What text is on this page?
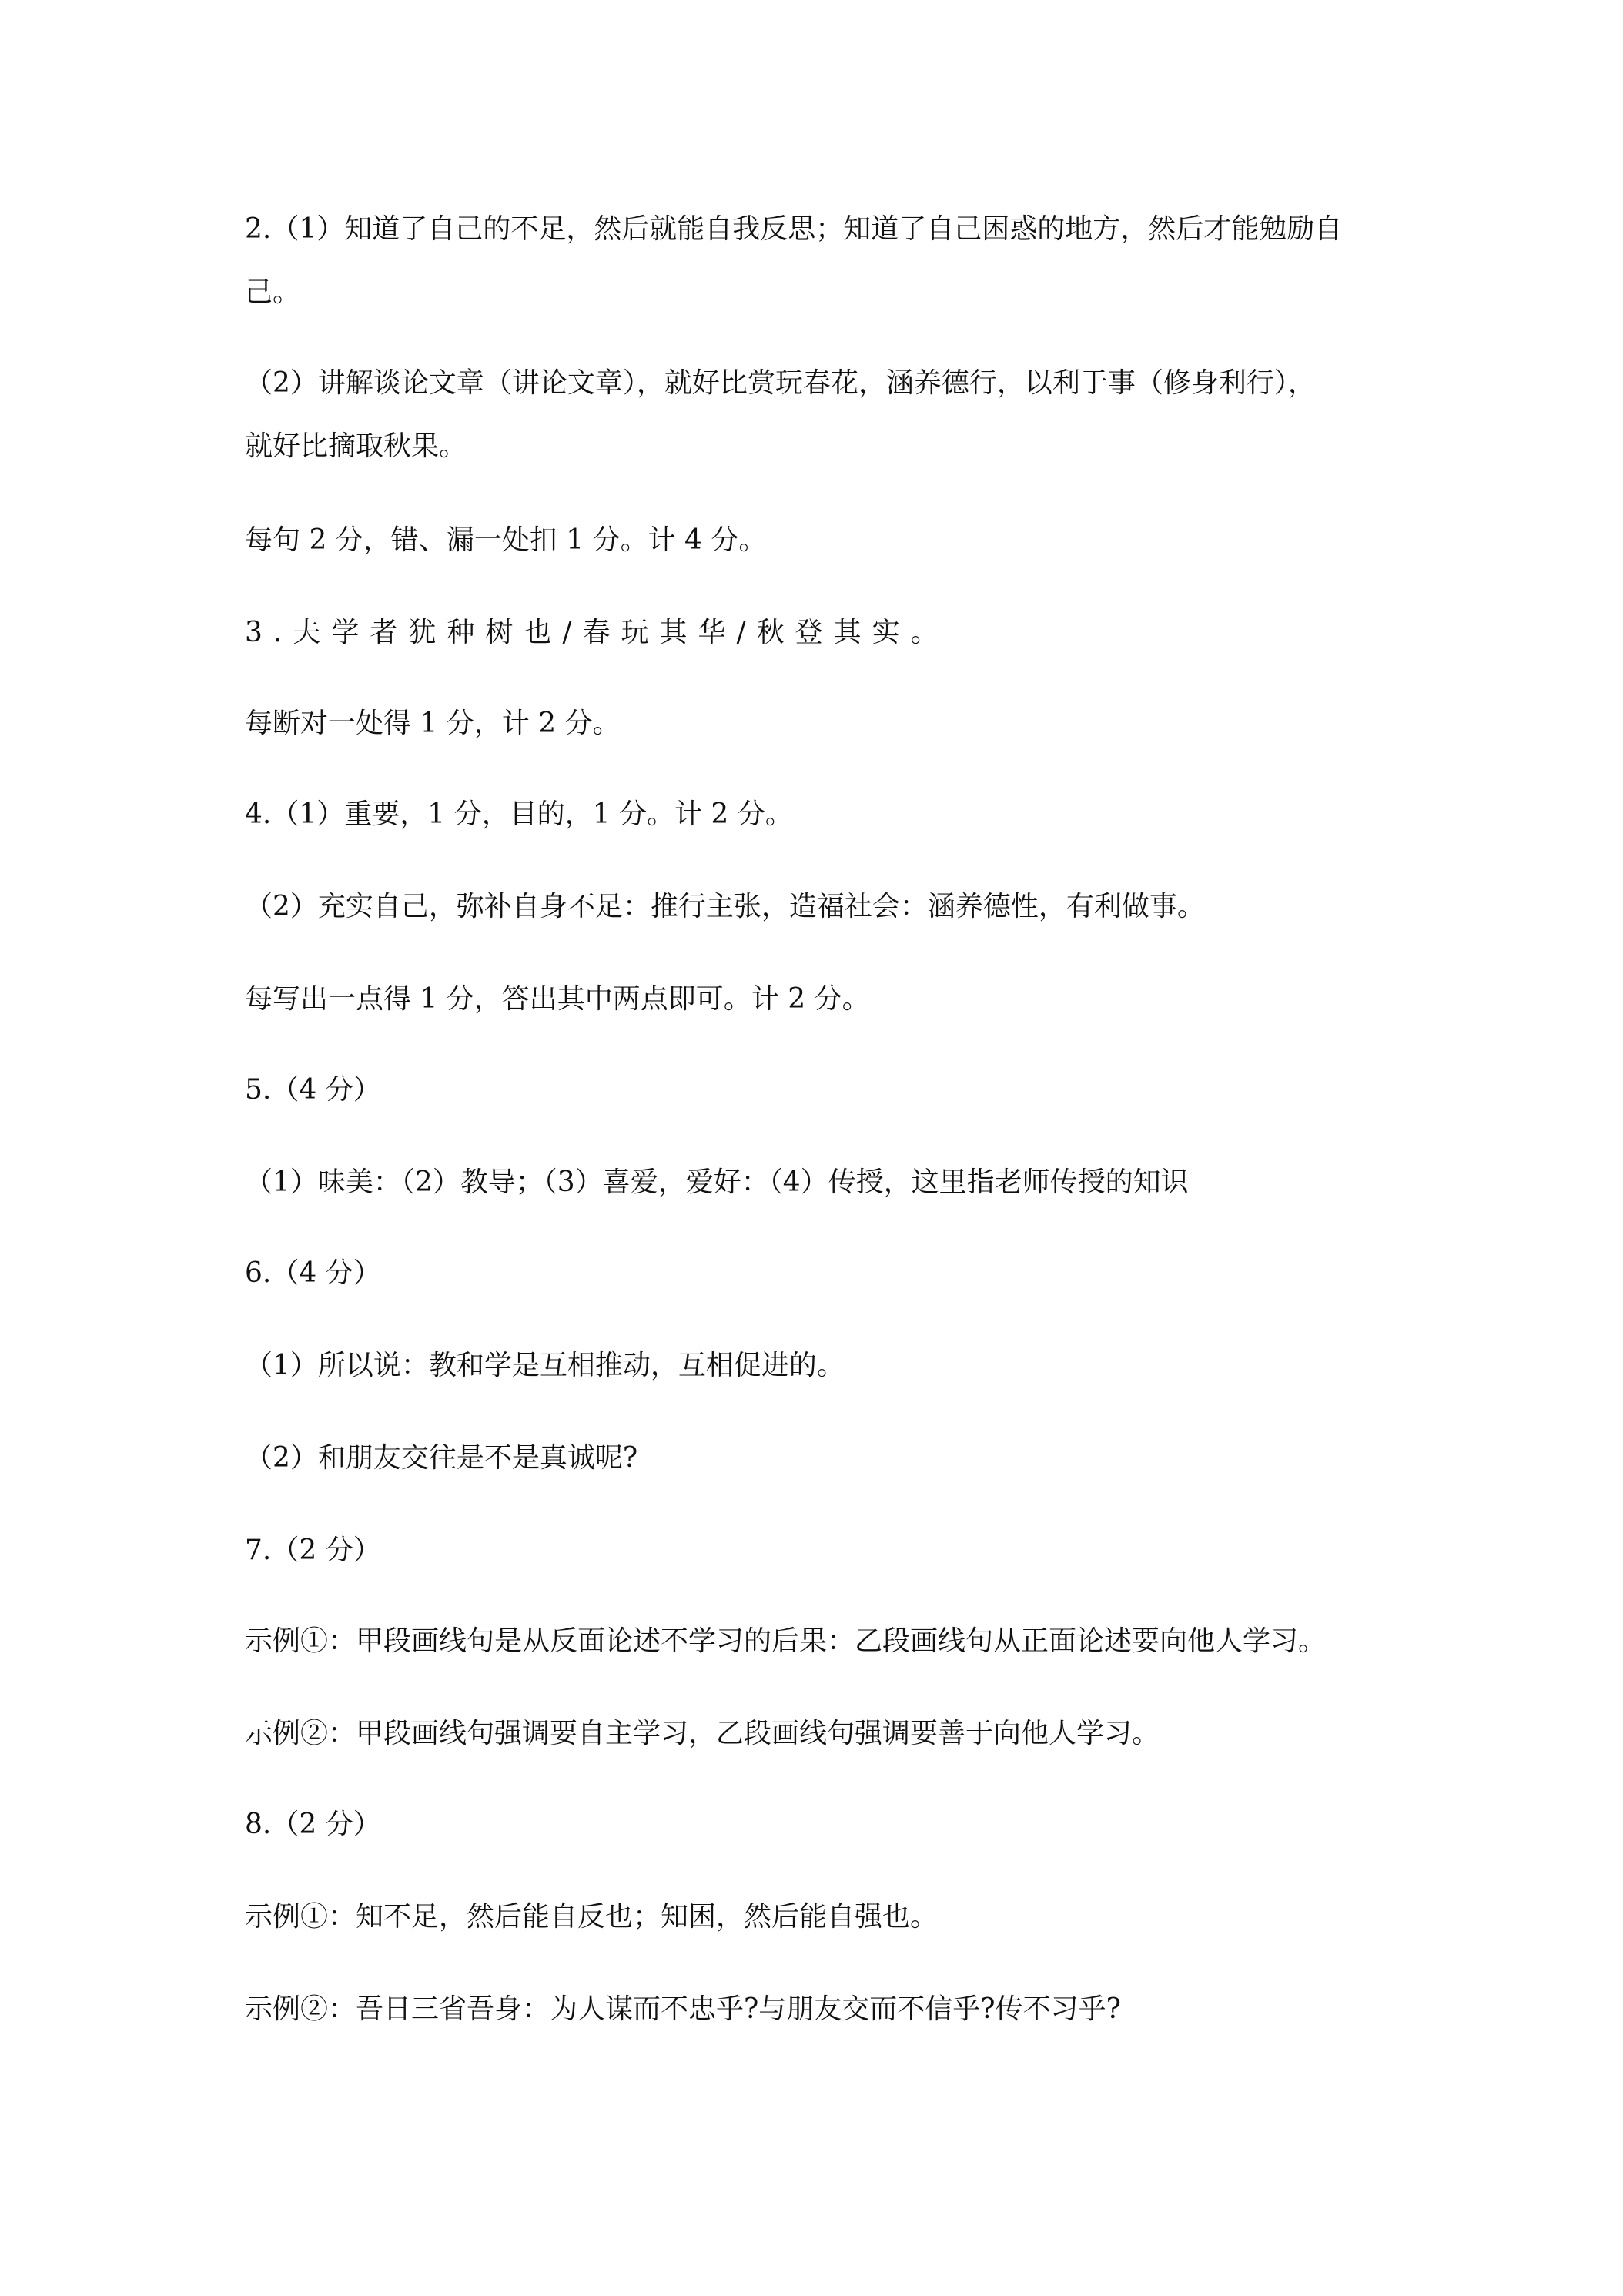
2.（1）知道了自己的不足，然后就能自我反思；知道了自己困惑的地方，然后才能勉励自
己。
（2）讲解谈论文章（讲论文章），就好比赏玩春花，涵养德行，以利于事（修身利行），
就好比摘取秋果。
每句 2 分，错、漏一处扣 1 分。计 4 分。
3.夫学者犹种树也/春玩其华/秋登其实。
每断对一处得 1 分，计 2 分。
4.（1）重要，1 分，目的，1 分。计 2 分。
（2）充实自己，弥补自身不足：推行主张，造福社会：涵养德性，有利做事。
每写出一点得 1 分，答出其中两点即可。计 2 分。
5.（4 分）
（1）味美：（2）教导；（3）喜爱，爱好：（4）传授，这里指老师传授的知识
6.（4 分）
（1）所以说：教和学是互相推动，互相促进的。
（2）和朋友交往是不是真诚呢?
7.（2 分）
示例①：甲段画线句是从反面论述不学习的后果：乙段画线句从正面论述要向他人学习。
示例②：甲段画线句强调要自主学习，乙段画线句强调要善于向他人学习。
8.（2 分）
示例①：知不足，然后能自反也；知困，然后能自强也。
示例②：吾日三省吾身：为人谋而不忠乎?与朋友交而不信乎?传不习乎?
